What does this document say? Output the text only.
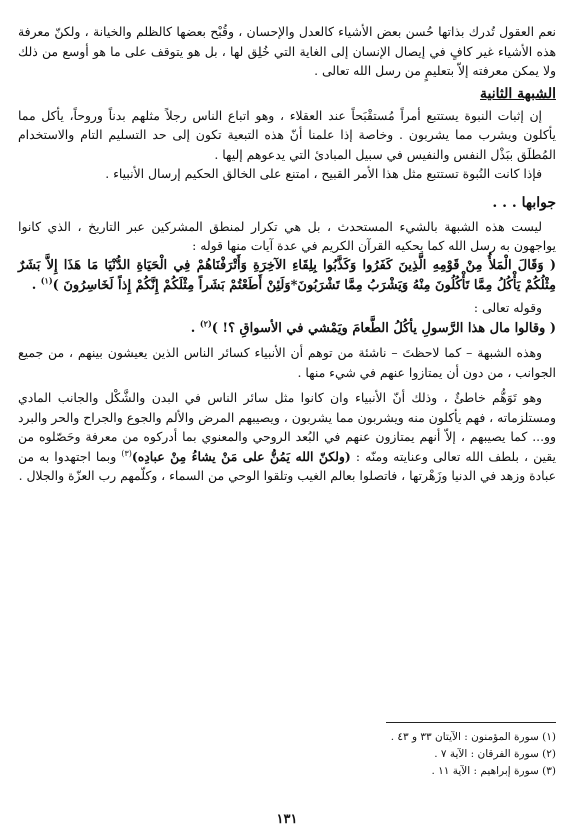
نعم العقول تُدرك بذاتها حُسن بعض الأشياء كالعدل والإحسان ، وقُبْح بعضها كالظلم والخيانة ، ولكنّ معرفة هذه الأشياء غير كافٍ في إيصال الإنسان إلى الغاية التي خُلِق لها ، بل هو يتوقف على ما هو أوسع من ذلك ولا يمكن معرفته إلاّ بتعليمٍ من رسل الله تعالى .

الشبهة الثانية

إن إثبات النبوة يستتبع أمراً مُستقْبَحاً عند العقلاء ، وهو اتباع الناس رجلاً مثلهم بدناً وروحاً، يأكل مما يأكلون ويشرب مما يشربون . وخاصة إذا علمنا أنّ هذه التبعية تكون إلى حد التسليم التام والاستخدام المُطلَق ببَذْل النفس والنفيس في سبيل المبادئ التي يدعوهم إليها .

فإذا كانت النُبوة تستتبع مثل هذا الأمر القبيح ، امتنع على الخالق الحكيم إرسال الأنبياء .

جوابها . . .

ليست هذه الشبهة بالشيء المستحدث ، بل هي تكرار لمنطق المشركين عبر التاريخ ، الذي كانوا يواجهون به رسل الله كما يحكيه القرآن الكريم في عدة آيات منها قوله :

( وَقَالَ الْمَلأُ مِنْ قَوْمِهِ الَّذِينَ كَفَرُوا وَكَذَّبُوا بِلِقَاءِ الآخِرَةِ وَأَتْرَفْنَاهُمْ فِي الْحَيَاةِ الدُّنْيَا مَا هَذَا إِلاَّ بَشَرٌ مِثْلُكُمْ يَأْكُلُ مِمَّا تَأْكُلُونَ مِنْهُ وَيَشْرَبُ مِمَّا تَشْرَبُونَ*وَلَئِنْ أَطَعْتُمْ بَشَراً مِثْلَكُمْ إِنَّكُمْ إِذاً لَخَاسِرُونَ )$^{(١)}$ .

وقوله تعالى :

( وقالوا مال هذا الرَّسولِ يأكُلُ الطَّعامَ ويَمْشي في الأسواقِ ؟! )$^{(٢)}$ .

وهذه الشبهة – كما لاحظتَ – ناشئة من توهم أن الأنبياء كسائر الناس الذين يعيشون بينهم ، من جميع الجوانب ، من دون أن يمتازوا عنهم في شيء منها .

وهو تَوَهُّم خاطئٌ ، وذلك أنّ الأنبياء وان كانوا مثل سائر الناس في البدن والشَّكْل والجانب المادي ومستلزماته ، فهم يأكلون منه ويشربون مما يشربون ، ويصيبهم المرض والألم والجوع والجراح والحر والبرد وو... كما يصيبهم ، إلاّ أنهم يمتازون عنهم في البُعد الروحي والمعنوي بما أدركوه من معرفة وحَصّلوه من يقين ، بلطف الله تعالى وعنايته ومنّه : (ولكنّ الله يَمُنُّ على مَنْ يشاءُ مِنْ عبادِه)$^{(٣)}$ وبما اجتهدوا به من عبادة وزهد في الدنيا وزَهْرتها ، فاتصلوا بعالم الغيب وتلقوا الوحي من السماء ، وكلّمهم رب العزّة والجلال .

(١) سورة المؤمنون : الآيتان ٣٣ و ٤٣ .

(٢) سورة الفرقان : الآية ٧ .

(٣) سورة إبراهيم : الآية ١١ .

١٣١
